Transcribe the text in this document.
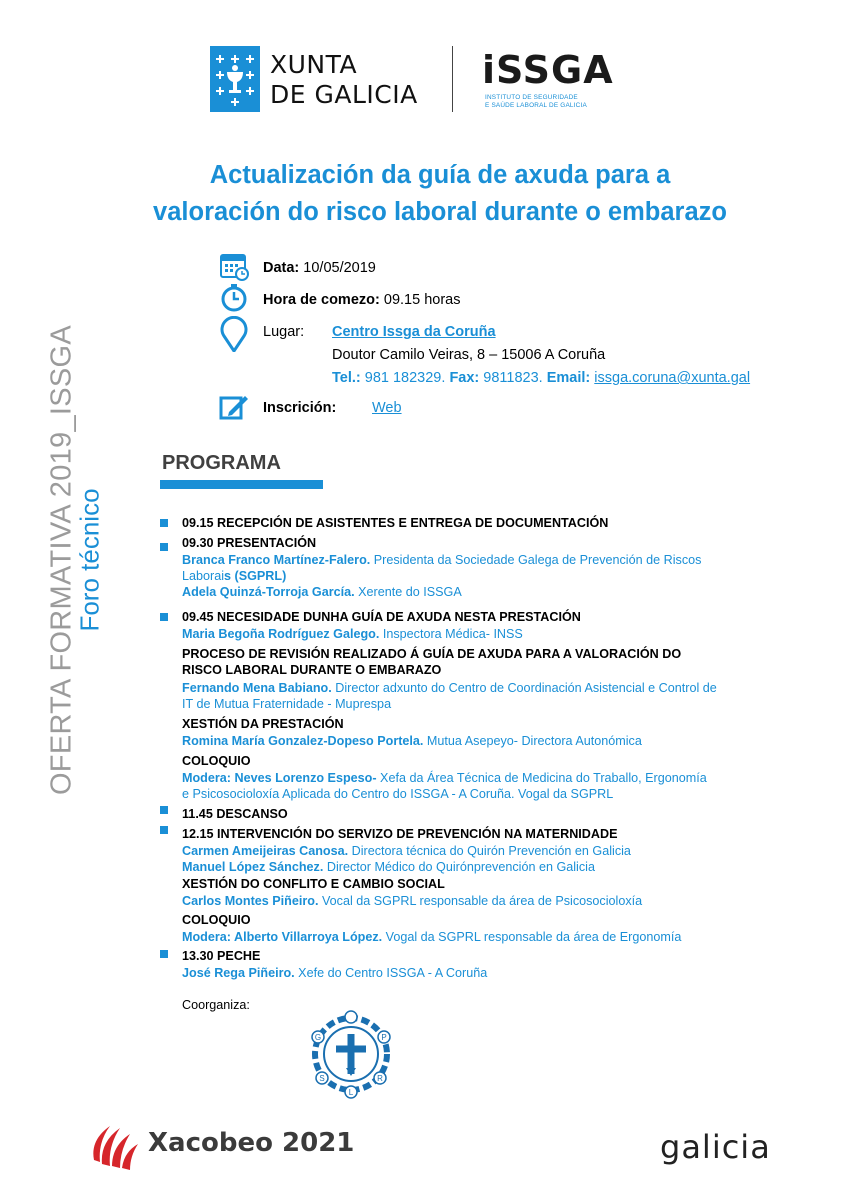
XUNTA
DE GALICIA
iSSGA
INSTITUTO DE SEGURIDADE
E SAÚDE LABORAL DE GALICIA
Actualización da guía de axuda para a
valoración do risco laboral durante o embarazo
OFERTA FORMATIVA 2019_ISSGA
Foro técnico
Data: 10/05/2019
Hora de comezo: 09.15 horas
Lugar: Centro Issga da Coruña
Doutor Camilo Veiras, 8 – 15006 A Coruña
Tel.: 981 182329. Fax: 9811823. Email: issga.coruna@xunta.gal
Inscrición: Web
PROGRAMA
09.15 RECEPCIÓN DE ASISTENTES E ENTREGA DE DOCUMENTACIÓN
09.30 PRESENTACIÓN
Branca Franco Martínez-Falero. Presidenta da Sociedade Galega de Prevención de Riscos
Laborais (SGPRL)
Adela Quinzá-Torroja García. Xerente do ISSGA
09.45 NECESIDADE DUNHA GUÍA DE AXUDA NESTA PRESTACIÓN
Maria Begoña Rodríguez Galego. Inspectora Médica- INSS
PROCESO DE REVISIÓN REALIZADO Á GUÍA DE AXUDA PARA A VALORACIÓN DO
RISCO LABORAL DURANTE O EMBARAZO
Fernando Mena Babiano. Director adxunto do Centro de Coordinación Asistencial e Control de
IT de Mutua Fraternidade - Muprespa
XESTIÓN DA PRESTACIÓN
Romina María Gonzalez-Dopeso Portela. Mutua Asepeyo- Directora Autonómica
COLOQUIO
Modera: Neves Lorenzo Espeso- Xefa da Área Técnica de Medicina do Traballo, Ergonomía
e Psicosocioloxía Aplicada do Centro do ISSGA - A Coruña. Vogal da SGPRL
11.45 DESCANSO
12.15 INTERVENCIÓN DO SERVIZO DE PREVENCIÓN NA MATERNIDADE
Carmen Ameijeiras Canosa. Directora técnica do Quirón Prevención en Galicia
Manuel López Sánchez. Director Médico do Quirónprevención en Galicia
XESTIÓN DO CONFLITO E CAMBIO SOCIAL
Carlos Montes Piñeiro. Vocal da SGPRL responsable da área de Psicosocioloxía
COLOQUIO
Modera: Alberto Villarroya López. Vogal da SGPRL responsable da área de Ergonomía
13.30 PECHE
José Rega Piñeiro. Xefe do Centro ISSGA - A Coruña
Coorganiza:
S
G	P
R
L
Xacobeo 2021	galicia
